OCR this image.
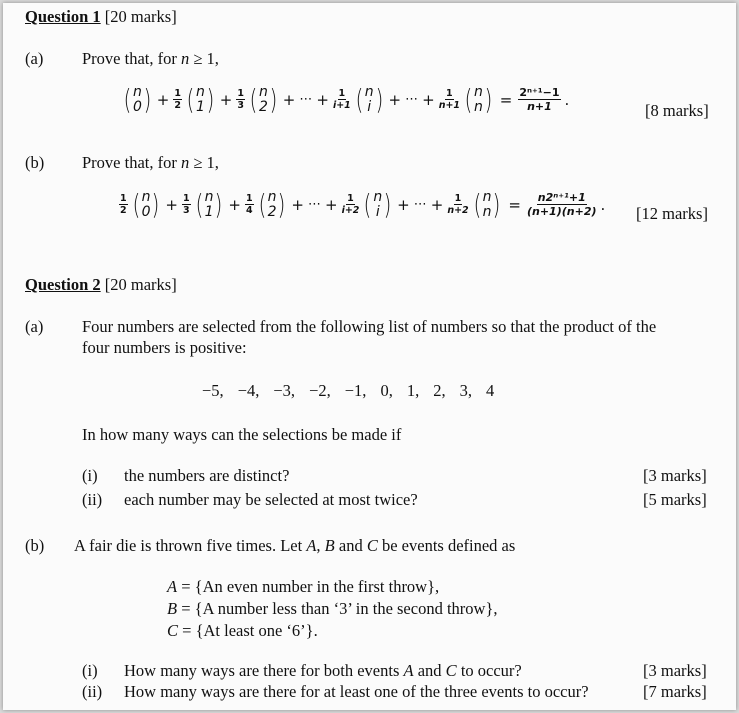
Question 1 [20 marks]
(a) Prove that, for n ≥ 1,
( n
0 ) + $\frac{1}{2}$ ( n
1 ) + $\frac{1}{3}$ ( n
2 ) + ⋯ + $\frac{1}{i+1}$ ( n
i ) + ⋯ + $\frac{1}{n+1}$ ( n
n ) = $\frac{\text{2ⁿ⁺¹−1}}{n+1}$ .
[8 marks]
(b) Prove that, for n ≥ 1,
$\frac{1}{2}$ ( n
0 ) + $\frac{1}{3}$ ( n
1 ) + $\frac{1}{4}$ ( n
2 ) + ⋯ + $\frac{1}{i+2}$ ( n
i ) + ⋯ + $\frac{1}{n+2}$ ( n
n ) = $\frac{\text{n2ⁿ⁺¹+1}}{(n+1)(n+2)}$ . [12 marks]
Question 2 [20 marks]
(a) Four numbers are selected from the following list of numbers so that the product of the
four numbers is positive:
−5, −4, −3, −2, −1, 0, 1, 2, 3, 4
In how many ways can the selections be made if
(i) the numbers are distinct?	[3 marks]
(ii) each number may be selected at most twice?	[5 marks]
(b) A fair die is thrown five times. Let A, B and C be events defined as
A = {An even number in the first throw},
B = {A number less than ‘3’ in the second throw},
C = {At least one ‘6’}.
(i) How many ways are there for both events A and C to occur?	[3 marks]
(ii) How many ways are there for at least one of the three events to occur?	[7 marks]
